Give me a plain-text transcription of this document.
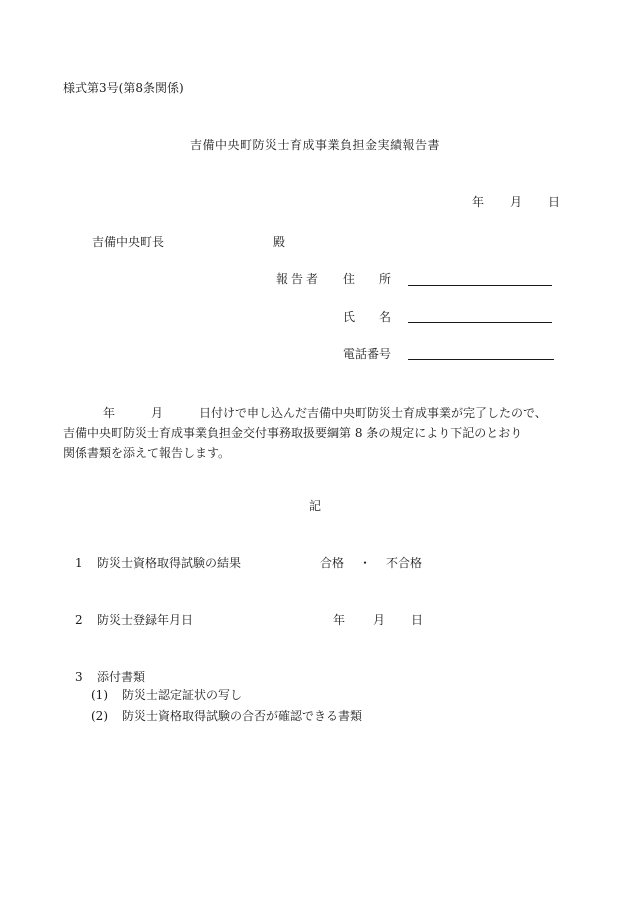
様式第3号(第8条関係)
吉備中央町防災士育成事業負担金実績報告書
年 月 日
吉備中央町長	殿
報告者 住 所
氏 名
電話番号
年	月	日付けで申し込んだ吉備中央町防災士育成事業が完了したので、
吉備中央町防災士育成事業負担金交付事務取扱要綱第 8 条の規定により下記のとおり
関係書類を添えて報告します。
記
1 防災士資格取得試験の結果	合格 ・ 不合格
2 防災士登録年月日	年 月 日
3 添付書類
(1) 防災士認定証状の写し
(2) 防災士資格取得試験の合否が確認できる書類
